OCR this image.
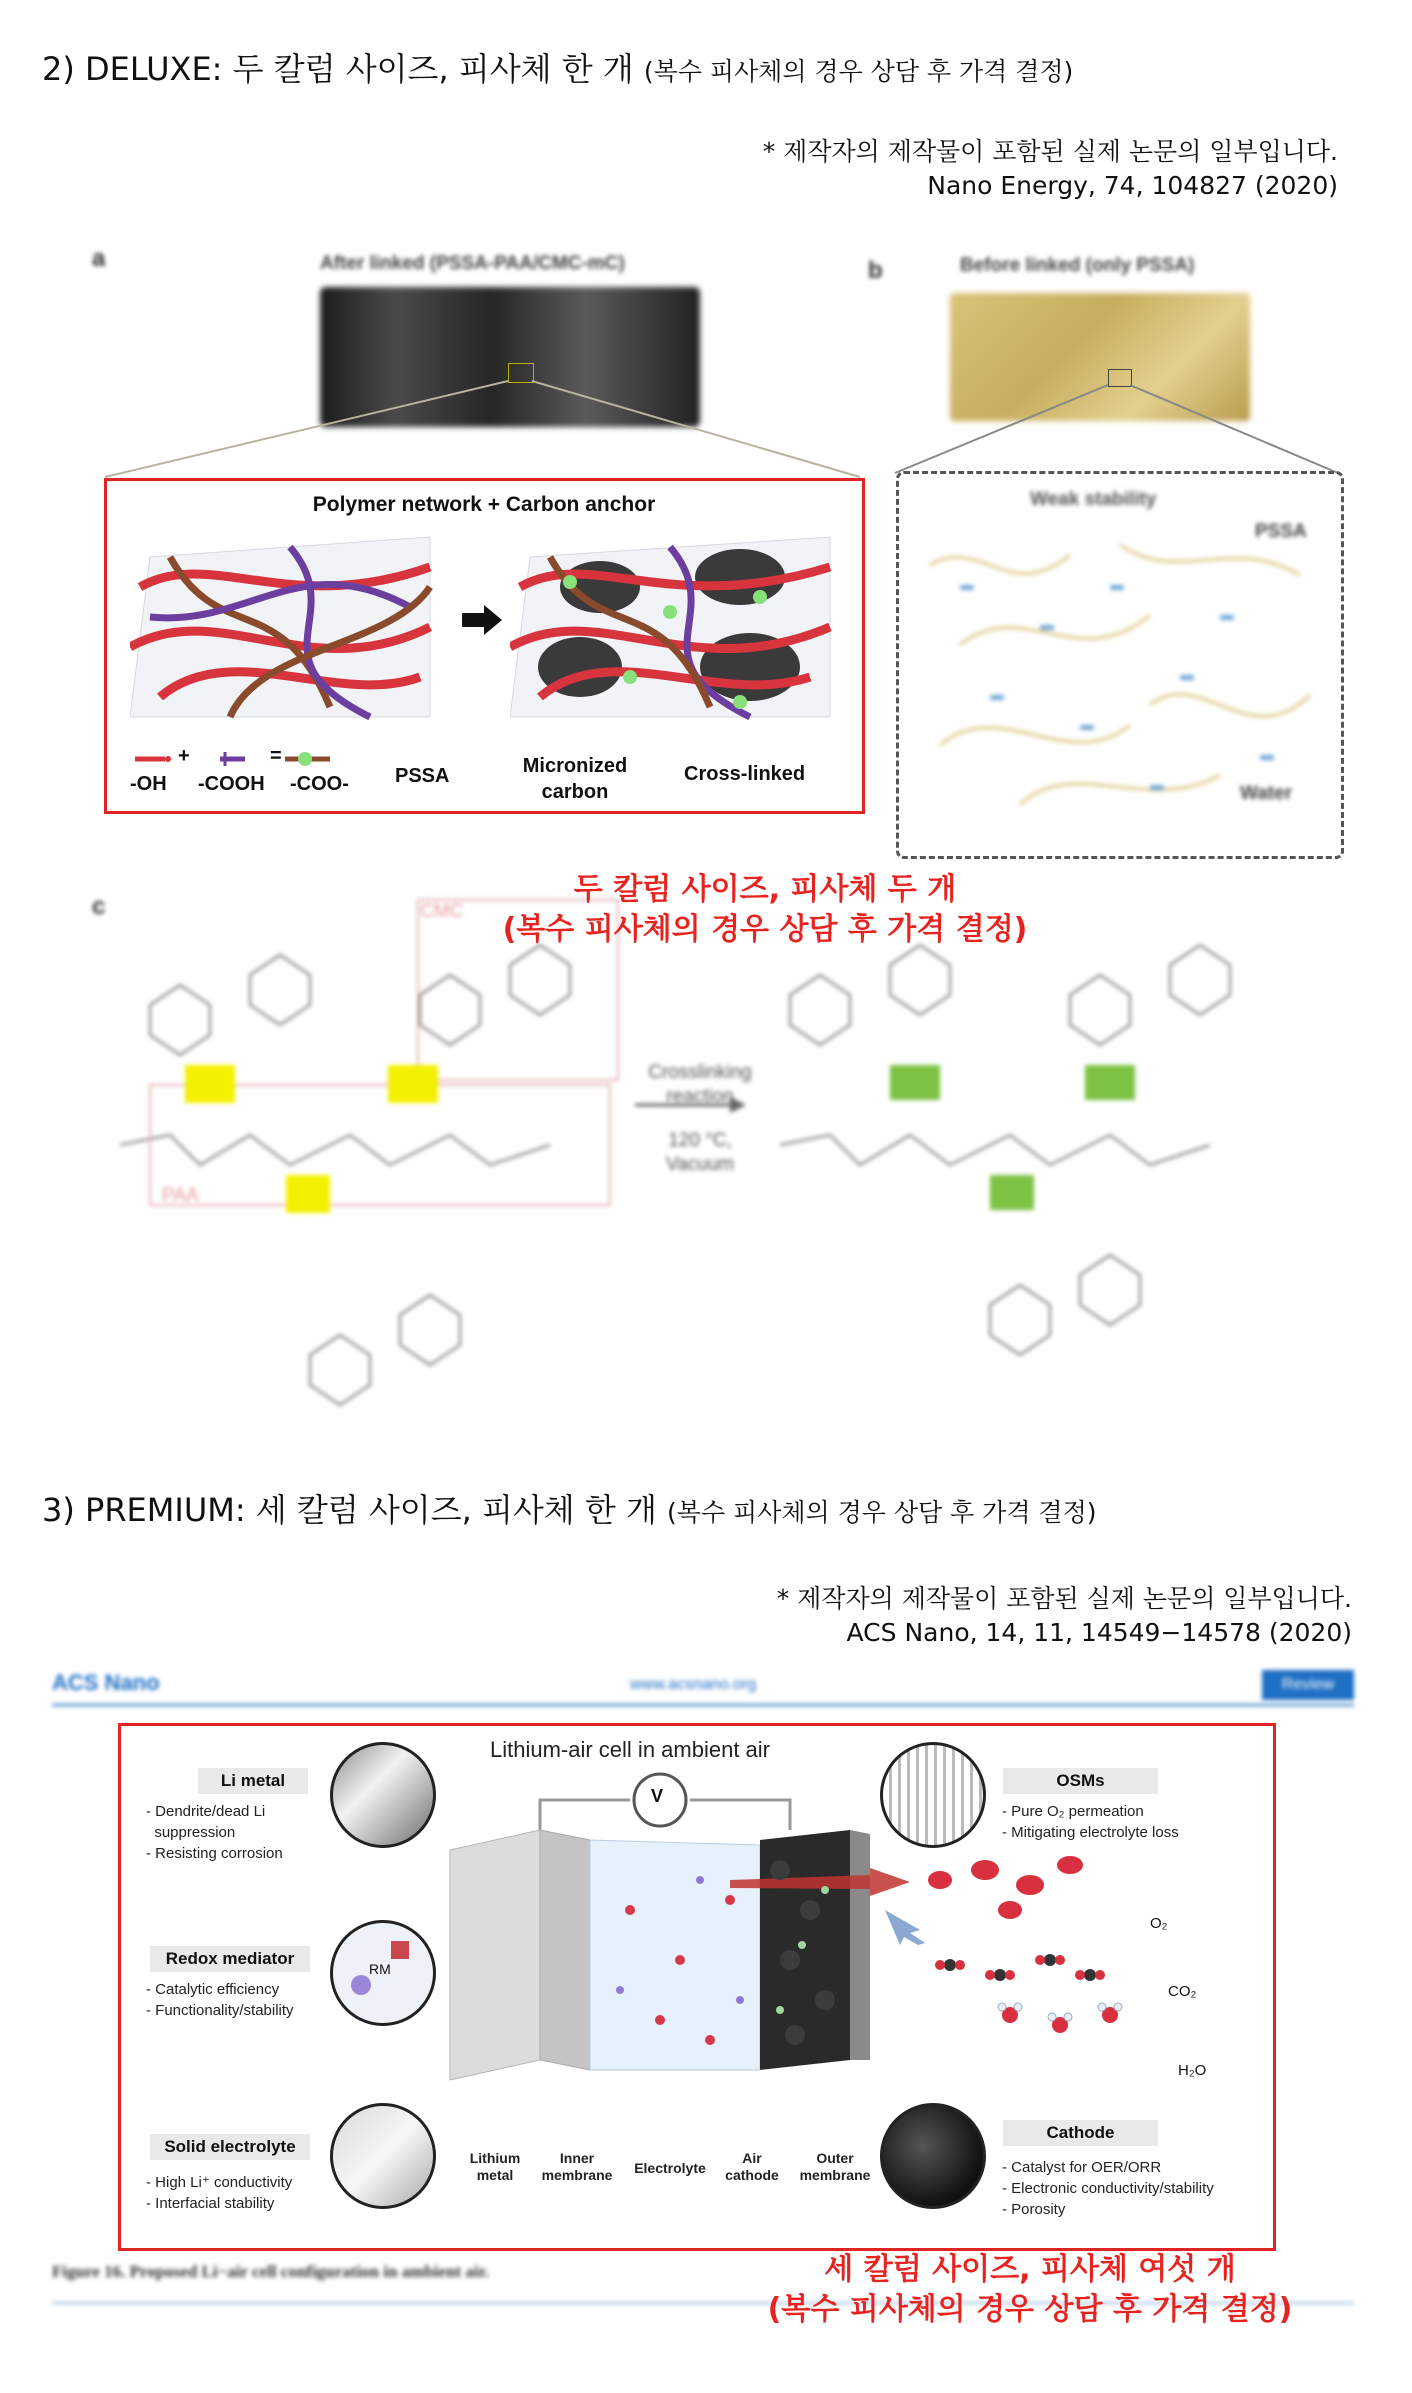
2) DELUXE: 두 칼럼 사이즈, 피사체 한 개 (복수 피사체의 경우 상담 후 가격 결정)
* 제작자의 제작물이 포함된 실제 논문의 일부입니다.
Nano Energy, 74, 104827 (2020)
a	After linked (PSSA-PAA/CMC-mC)	b	Before linked (only PSSA)
Polymer network + Carbon anchor
+	=
-OH -COOH -COO- PSSA	Micronized carbon
Cross-linked
Weak stability
PSSA
Water
c	CMC
PAA
Crosslinking
reaction
120 °C,
Vacuum
두 칼럼 사이즈, 피사체 두 개
(복수 피사체의 경우 상담 후 가격 결정)
3) PREMIUM: 세 칼럼 사이즈, 피사체 한 개 (복수 피사체의 경우 상담 후 가격 결정)
* 제작자의 제작물이 포함된 실제 논문의 일부입니다.
ACS Nano, 14, 11, 14549−14578 (2020)
ACS Nano	www.acsnano.org	Review
Lithium-air cell in ambient air
V
O₂
CO₂
H₂O
RM
Li metal
- Dendrite/dead Li
suppression
- Resisting corrosion
Redox mediator
- Catalytic efficiency
- Functionality/stability
Solid electrolyte
- High Li⁺ conductivity
- Interfacial stability
OSMs
- Pure O₂ permeation
- Mitigating electrolyte loss
Cathode
- Catalyst for OER/ORR
- Electronic conductivity/stability
- Porosity
Lithium
metal
Inner
membrane	Electrolyte
Air
cathode
Outer
membrane
Figure 16. Proposed Li−air cell configuration in ambient air.	세 칼럼 사이즈, 피사체 여섯 개
(복수 피사체의 경우 상담 후 가격 결정)
